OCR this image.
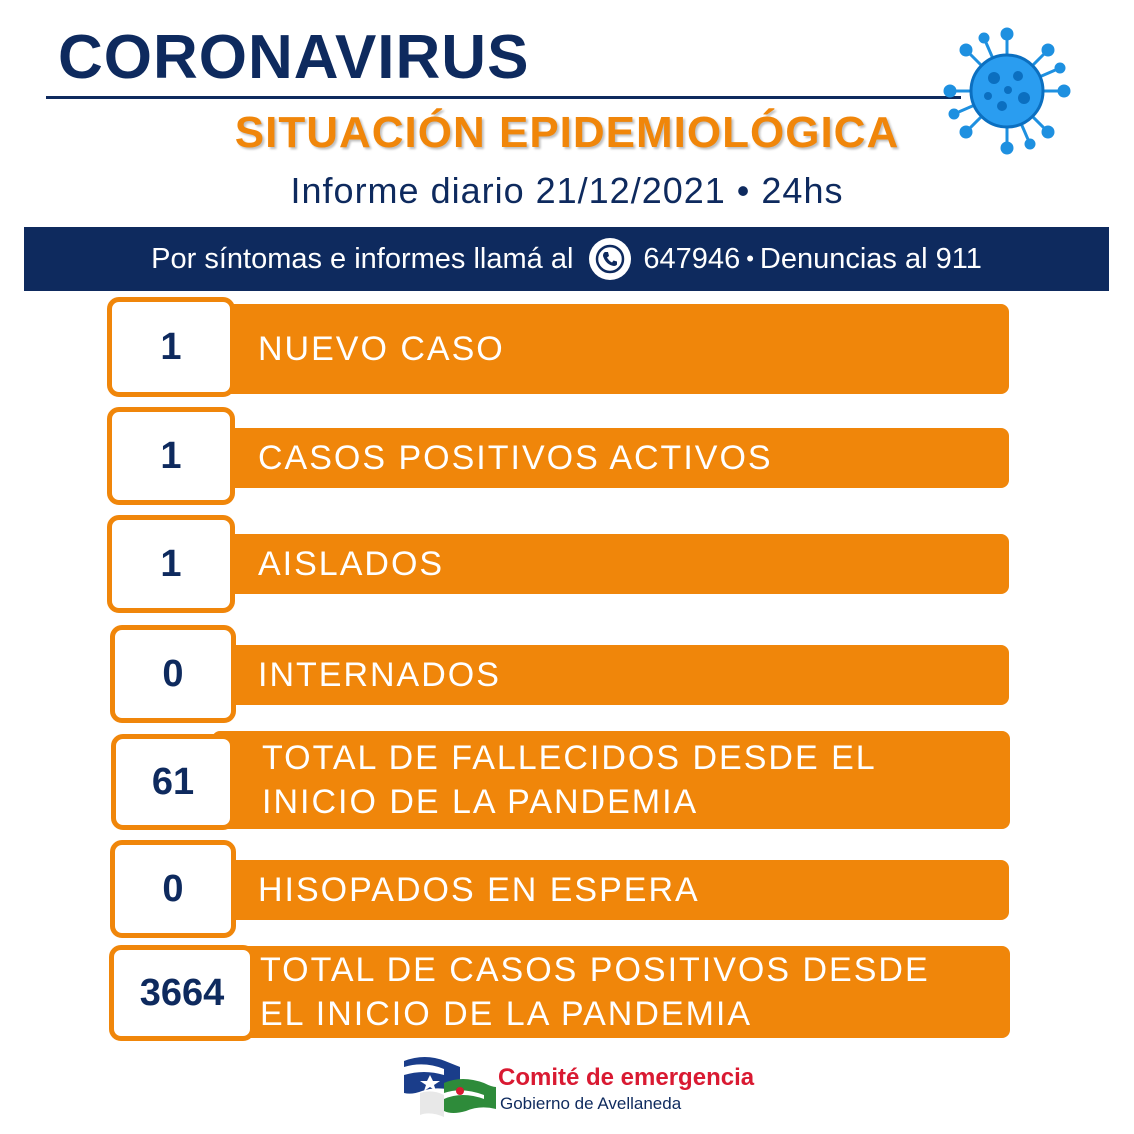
CORONAVIRUS
SITUACIÓN EPIDEMIOLÓGICA
Informe diario 21/12/2021 • 24hs
Por síntomas e informes llamá al 647946 • Denuncias al 911
NUEVO CASO
1
CASOS POSITIVOS ACTIVOS
1
AISLADOS
1
INTERNADOS
0
TOTAL DE FALLECIDOS DESDE EL
INICIO DE LA PANDEMIA
61
HISOPADOS EN ESPERA
0
TOTAL DE CASOS POSITIVOS DESDE
EL INICIO DE LA PANDEMIA
3664
Comité de emergencia
Gobierno de Avellaneda
